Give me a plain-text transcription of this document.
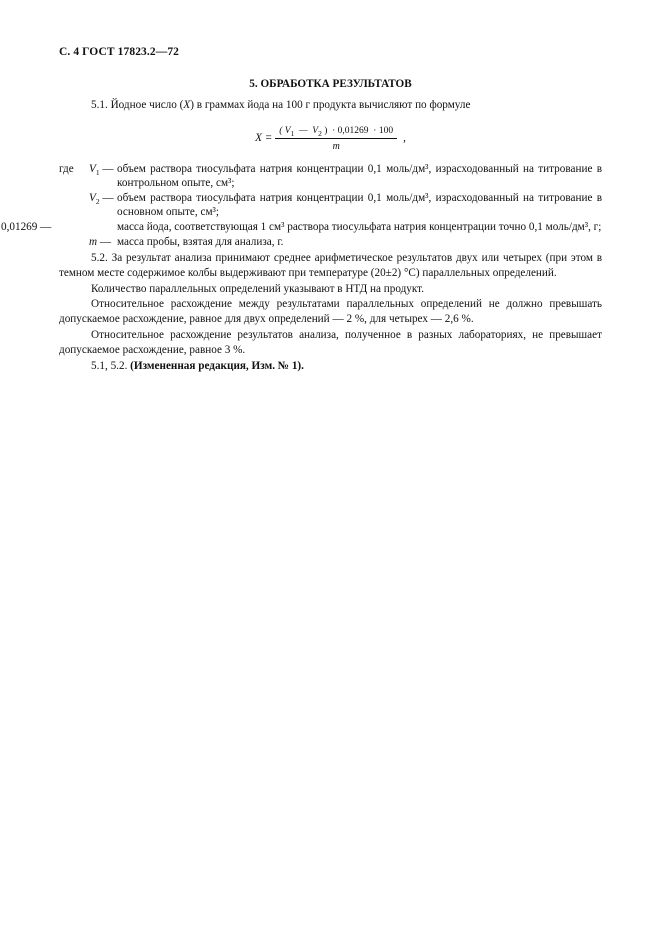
С. 4 ГОСТ 17823.2—72
5. ОБРАБОТКА РЕЗУЛЬТАТОВ

5.1. Йодное число (X) в граммах йода на 100 г продукта вычисляют по формуле

$X = \frac{( V_1 — V_2 ) \cdot 0,01269 \cdot 100}{m}$ ,
где $V_1$ — объем раствора тиосульфата натрия концентрации 0,1 моль/дм³, израсходованный на титрование в контрольном опыте, см³;
$V_2$ — объем раствора тиосульфата натрия концентрации 0,1 моль/дм³, израсходованный на титрование в основном опыте, см³;
0,01269 —	масса йода, соответствующая 1 см³ раствора тиосульфата натрия концентрации точно 0,1 моль/дм³, г;
m — масса пробы, взятая для анализа, г.

5.2. За результат анализа принимают среднее арифметическое результатов двух или четырех (при этом в темном месте содержимое колбы выдерживают при температуре (20±2) °С) параллельных определений.

Количество параллельных определений указывают в НТД на продукт.

Относительное расхождение между результатами параллельных определений не должно превышать допускаемое расхождение, равное для двух определений — 2 %, для четырех — 2,6 %.

Относительное расхождение результатов анализа, полученное в разных лабораториях, не превышает допускаемое расхождение, равное 3 %.

5.1, 5.2. (Измененная редакция, Изм. № 1).
